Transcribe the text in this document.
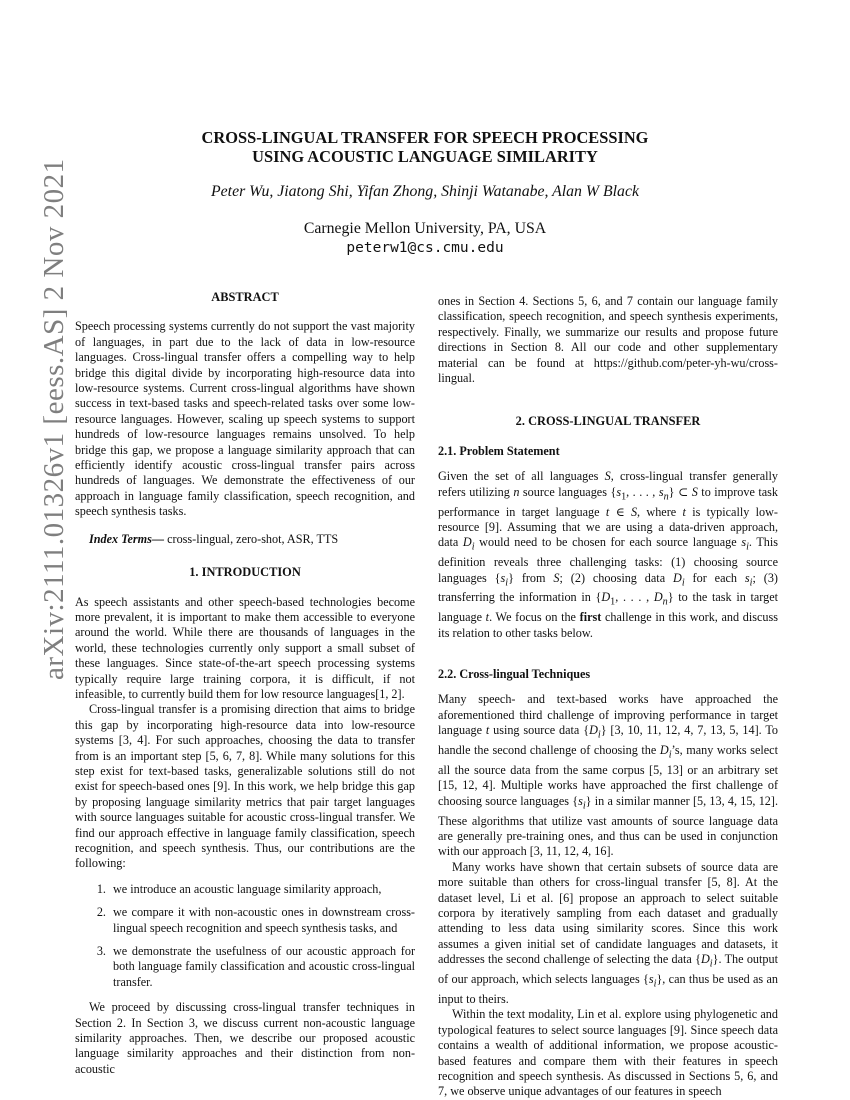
arXiv:2111.01326v1 [eess.AS] 2 Nov 2021
CROSS-LINGUAL TRANSFER FOR SPEECH PROCESSING
USING ACOUSTIC LANGUAGE SIMILARITY
Peter Wu, Jiatong Shi, Yifan Zhong, Shinji Watanabe, Alan W Black
Carnegie Mellon University, PA, USA
peterw1@cs.cmu.edu
ABSTRACT

Speech processing systems currently do not support the vast majority of languages, in part due to the lack of data in low-resource languages. Cross-lingual transfer offers a compelling way to help bridge this digital divide by incorporating high-resource data into low-resource systems. Current cross-lingual algorithms have shown success in text-based tasks and speech-related tasks over some low-resource languages. However, scaling up speech systems to support hundreds of low-resource languages remains unsolved. To help bridge this gap, we propose a language similarity approach that can efficiently identify acoustic cross-lingual transfer pairs across hundreds of languages. We demonstrate the effectiveness of our approach in language family classification, speech recognition, and speech synthesis tasks.

Index Terms— cross-lingual, zero-shot, ASR, TTS

1. INTRODUCTION

As speech assistants and other speech-based technologies become more prevalent, it is important to make them accessible to everyone around the world. While there are thousands of languages in the world, these technologies currently only support a small subset of these languages. Since state-of-the-art speech processing systems typically require large training corpora, it is difficult, if not infeasible, to currently build them for low resource languages[1, 2].

Cross-lingual transfer is a promising direction that aims to bridge this gap by incorporating high-resource data into low-resource systems [3, 4]. For such approaches, choosing the data to transfer from is an important step [5, 6, 7, 8]. While many solutions for this step exist for text-based tasks, generalizable solutions still do not exist for speech-based ones [9]. In this work, we help bridge this gap by proposing language similarity metrics that pair target languages with source languages suitable for acoustic cross-lingual transfer. We find our approach effective in language family classification, speech recognition, and speech synthesis. Thus, our contributions are the following:

1. we introduce an acoustic language similarity approach,
2. we compare it with non-acoustic ones in downstream cross-lingual speech recognition and speech synthesis tasks, and
3. we demonstrate the usefulness of our acoustic approach for both language family classification and acoustic cross-lingual transfer.

We proceed by discussing cross-lingual transfer techniques in Section 2. In Section 3, we discuss current non-acoustic language similarity approaches. Then, we describe our proposed acoustic language similarity approaches and their distinction from non-acoustic

ones in Section 4. Sections 5, 6, and 7 contain our language family classification, speech recognition, and speech synthesis experiments, respectively. Finally, we summarize our results and propose future directions in Section 8. All our code and other supplementary material can be found at https://github.com/peter-yh-wu/cross-lingual.

2. CROSS-LINGUAL TRANSFER
2.1. Problem Statement

Given the set of all languages S, cross-lingual transfer generally refers utilizing n source languages {$s_1$, . . . , $s_n$} ⊂ S to improve task performance in target language t ∈ S, where t is typically low-resource [9]. Assuming that we are using a data-driven approach, data $D_i$ would need to be chosen for each source language $s_i$. This definition reveals three challenging tasks: (1) choosing source languages $\{s_i\}$ from S; (2) choosing data $D_i$ for each $s_i$; (3) transferring the information in {$D_1$, . . . , $D_n$} to the task in target language t. We focus on the first challenge in this work, and discuss its relation to other tasks below.

2.2. Cross-lingual Techniques

Many speech- and text-based works have approached the aforementioned third challenge of improving performance in target language t using source data $\{D_i\}$ [3, 10, 11, 12, 4, 7, 13, 5, 14]. To handle the second challenge of choosing the $D_i’s$, many works select all the source data from the same corpus [5, 13] or an arbitrary set [15, 12, 4]. Multiple works have approached the first challenge of choosing source languages $\{s_i\}$ in a similar manner [5, 13, 4, 15, 12]. These algorithms that utilize vast amounts of source language data are generally pre-training ones, and thus can be used in conjunction with our approach [3, 11, 12, 4, 16].

Many works have shown that certain subsets of source data are more suitable than others for cross-lingual transfer [5, 8]. At the dataset level, Li et al. [6] propose an approach to select suitable corpora by iteratively sampling from each dataset and gradually attending to less data using similarity scores. Since this work assumes a given initial set of candidate languages and datasets, it addresses the second challenge of selecting the data $\{D_i\}$. The output of our approach, which selects languages $\{s_i\}$, can thus be used as an input to theirs.

Within the text modality, Lin et al. explore using phylogenetic and typological features to select source languages [9]. Since speech data contains a wealth of additional information, we propose acoustic-based features and compare them with their features in speech recognition and speech synthesis. As discussed in Sections 5, 6, and 7, we observe unique advantages of our features in speech
